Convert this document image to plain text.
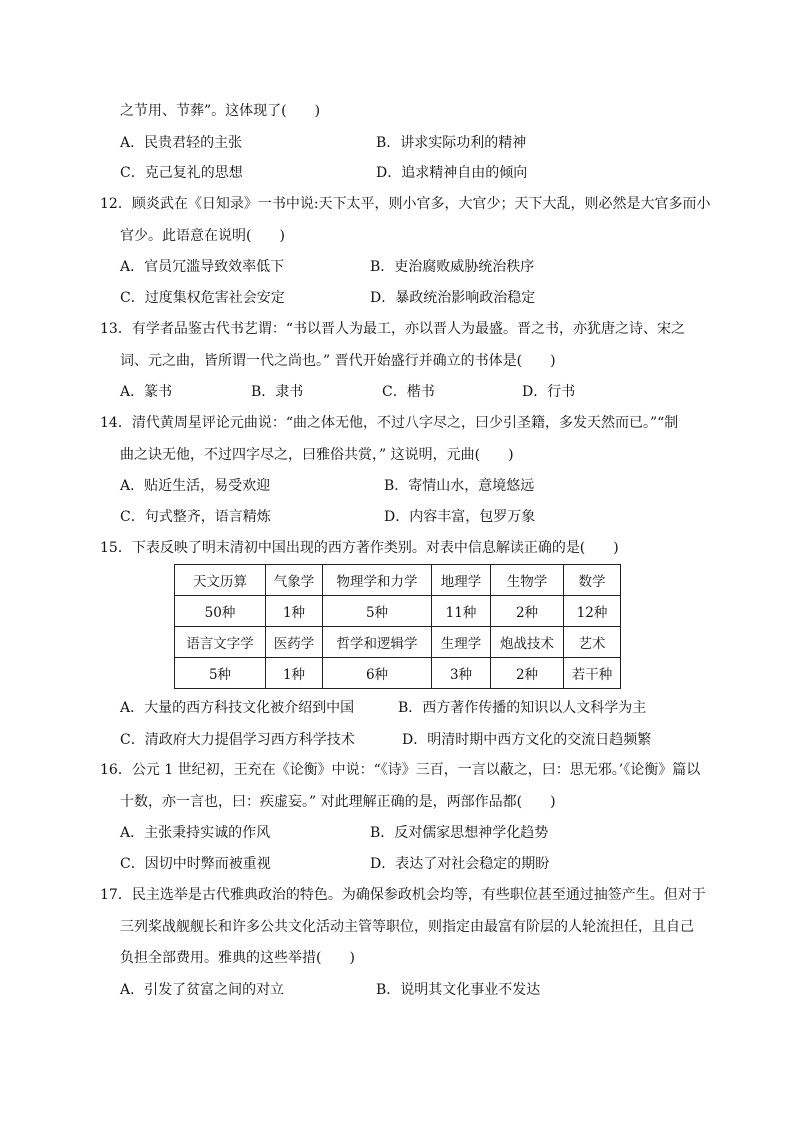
之节用、节葬”。这体现了(　　)
A．民贵君轻的主张	B．讲求实际功利的精神
C．克己复礼的思想	D．追求精神自由的倾向
12．顾炎武在《日知录》一书中说:天下太平，则小官多，大官少；天下大乱，则必然是大官多而小
官少。此语意在说明(　　)
A．官员冗滥导致效率低下	B．吏治腐败威胁统治秩序
C．过度集权危害社会安定	D．暴政统治影响政治稳定
13．有学者品鉴古代书艺谓：“书以晋人为最工，亦以晋人为最盛。晋之书，亦犹唐之诗、宋之
词、元之曲，皆所谓一代之尚也。” 晋代开始盛行并确立的书体是(　　)
A．篆书	B．隶书	C．楷书	D．行书
14．清代黄周星评论元曲说：“曲之体无他，不过八字尽之，曰少引圣籍，多发天然而已。”“制
曲之诀无他，不过四字尽之，曰雅俗共赏，” 这说明，元曲(　　)
A．贴近生活，易受欢迎	B．寄情山水，意境悠远
C．句式整齐，语言精炼	D．内容丰富，包罗万象
15．下表反映了明末清初中国出现的西方著作类别。对表中信息解读正确的是(　　)
天文历算	气象学	物理学和力学	地理学	生物学	数学
50种	1种	5种	11种	2种	12种
语言文字学	医药学	哲学和逻辑学	生理学	炮战技术	艺术
5种	1种	6种	3种	2种	若干种
A．大量的西方科技文化被介绍到中国	B．西方著作传播的知识以人文科学为主
C．清政府大力提倡学习西方科学技术	D．明清时期中西方文化的交流日趋频繁
16．公元 1 世纪初，王充在《论衡》中说：“《诗》三百，一言以蔽之，曰：思无邪。’《论衡》篇以
十数，亦一言也，曰：疾虚妄。” 对此理解正确的是，两部作品都(　　)
A．主张秉持实诚的作风	B．反对儒家思想神学化趋势
C．因切中时弊而被重视	D．表达了对社会稳定的期盼
17．民主选举是古代雅典政治的特色。为确保参政机会均等，有些职位甚至通过抽签产生。但对于
三列桨战舰舰长和许多公共文化活动主管等职位，则指定由最富有阶层的人轮流担任，且自己
负担全部费用。雅典的这些举措(　　)
A．引发了贫富之间的对立	B．说明其文化事业不发达
